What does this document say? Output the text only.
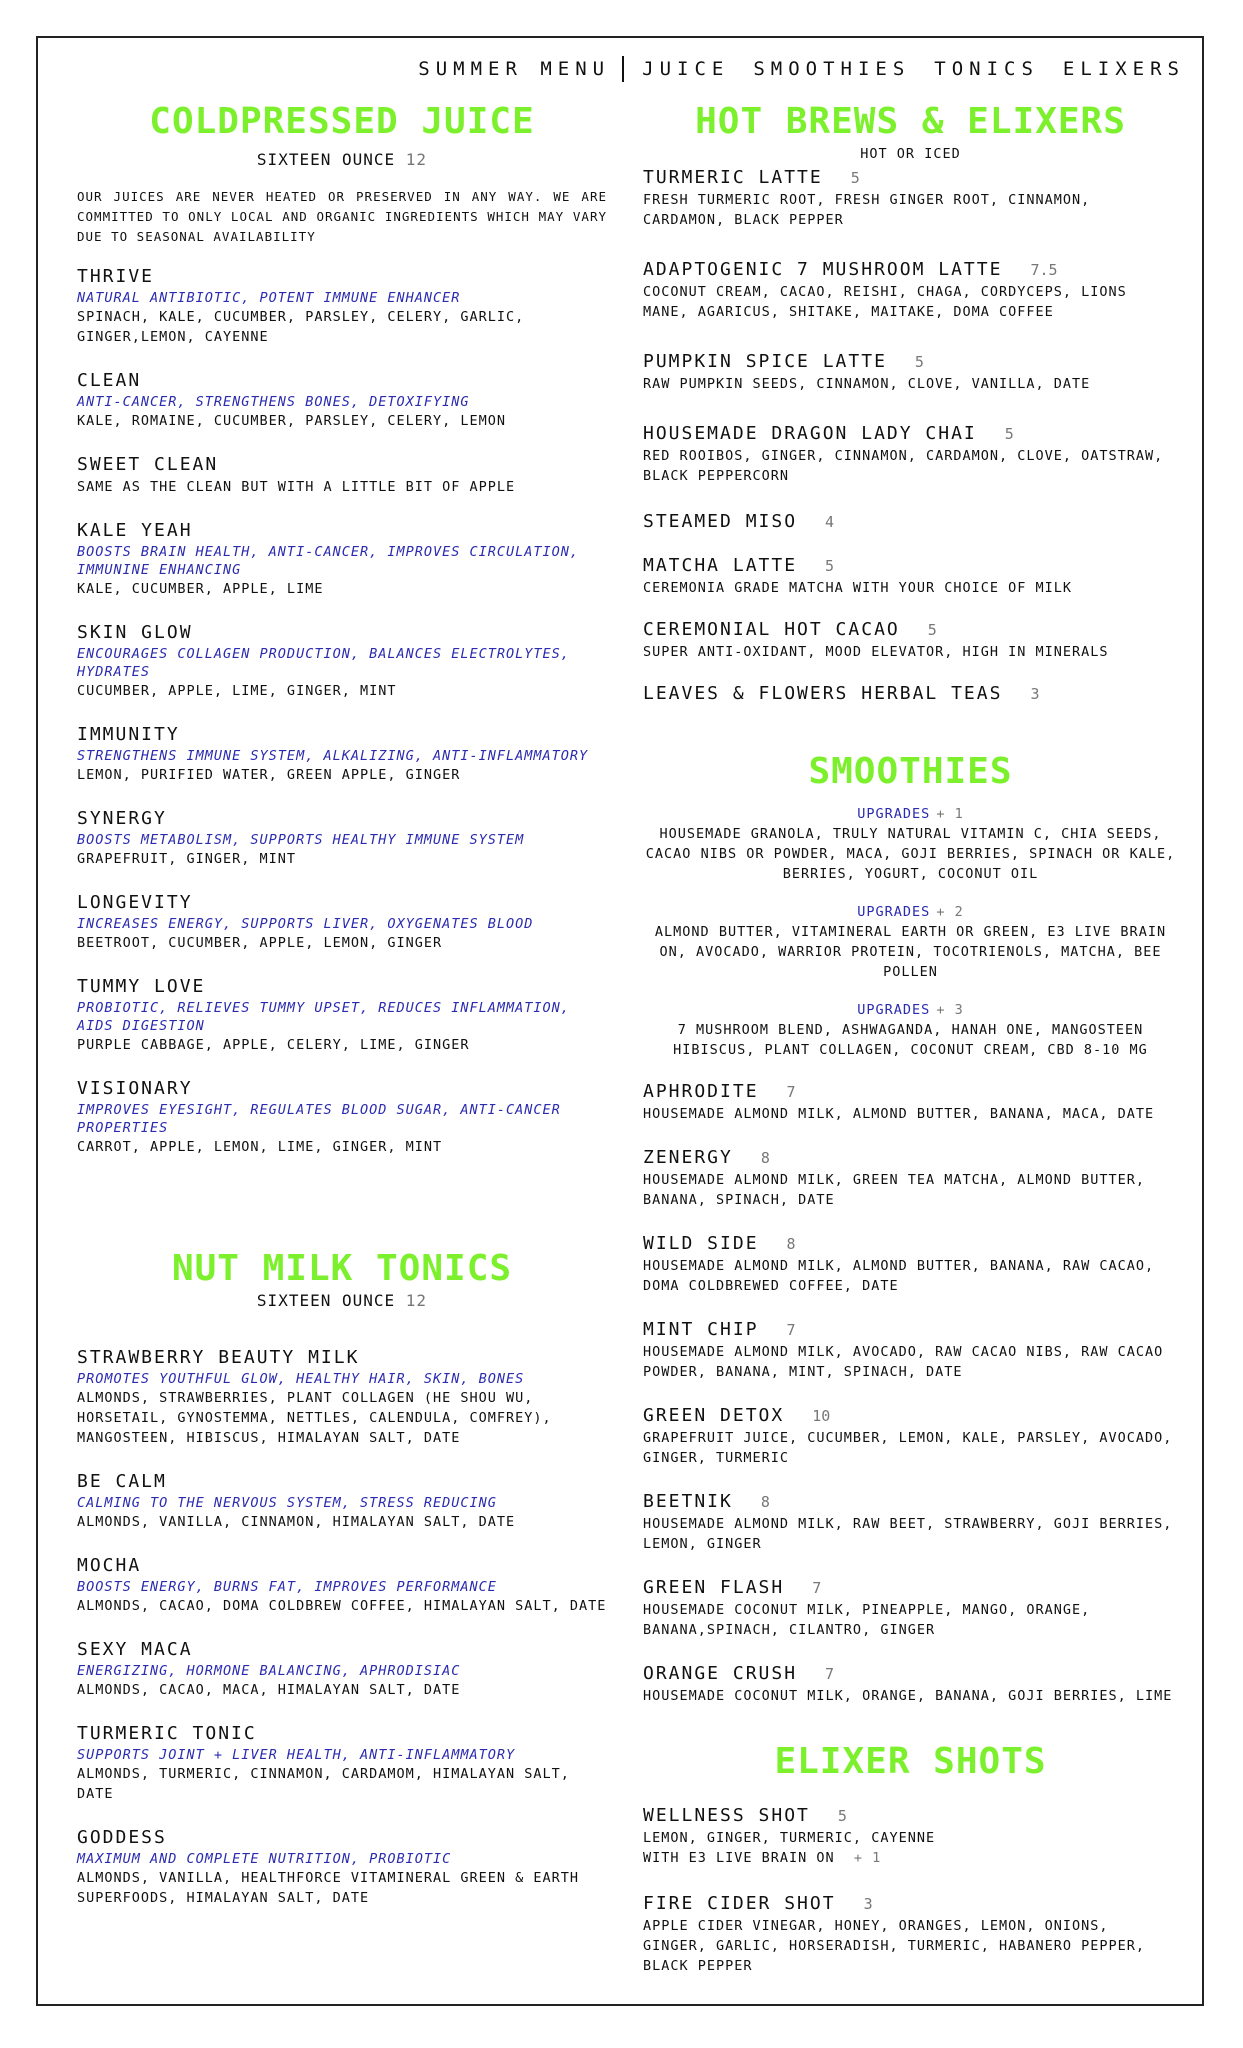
SUMMER MENU JUICE SMOOTHIES TONICS ELIXERS
COLDPRESSED JUICE
SIXTEEN OUNCE 12

OUR JUICES ARE NEVER HEATED OR PRESERVED IN ANY WAY. WE ARE COMMITTED TO ONLY LOCAL AND ORGANIC INGREDIENTS WHICH MAY VARY DUE TO SEASONAL AVAILABILITY

THRIVE
NATURAL ANTIBIOTIC, POTENT IMMUNE ENHANCER
SPINACH, KALE, CUCUMBER, PARSLEY, CELERY, GARLIC, GINGER,LEMON, CAYENNE
CLEAN
ANTI-CANCER, STRENGTHENS BONES, DETOXIFYING
KALE, ROMAINE, CUCUMBER, PARSLEY, CELERY, LEMON
SWEET CLEAN
SAME AS THE CLEAN BUT WITH A LITTLE BIT OF APPLE
KALE YEAH
BOOSTS BRAIN HEALTH, ANTI-CANCER, IMPROVES CIRCULATION, IMMUNINE ENHANCING
KALE, CUCUMBER, APPLE, LIME
SKIN GLOW
ENCOURAGES COLLAGEN PRODUCTION, BALANCES ELECTROLYTES, HYDRATES
CUCUMBER, APPLE, LIME, GINGER, MINT
IMMUNITY
STRENGTHENS IMMUNE SYSTEM, ALKALIZING, ANTI-INFLAMMATORY
LEMON, PURIFIED WATER, GREEN APPLE, GINGER
SYNERGY
BOOSTS METABOLISM, SUPPORTS HEALTHY IMMUNE SYSTEM
GRAPEFRUIT, GINGER, MINT
LONGEVITY
INCREASES ENERGY, SUPPORTS LIVER, OXYGENATES BLOOD
BEETROOT, CUCUMBER, APPLE, LEMON, GINGER
TUMMY LOVE
PROBIOTIC, RELIEVES TUMMY UPSET, REDUCES INFLAMMATION, AIDS DIGESTION
PURPLE CABBAGE, APPLE, CELERY, LIME, GINGER
VISIONARY
IMPROVES EYESIGHT, REGULATES BLOOD SUGAR, ANTI-CANCER PROPERTIES
CARROT, APPLE, LEMON, LIME, GINGER, MINT
NUT MILK TONICS
SIXTEEN OUNCE 12
STRAWBERRY BEAUTY MILK
PROMOTES YOUTHFUL GLOW, HEALTHY HAIR, SKIN, BONES
ALMONDS, STRAWBERRIES, PLANT COLLAGEN (HE SHOU WU, HORSETAIL, GYNOSTEMMA, NETTLES, CALENDULA, COMFREY), MANGOSTEEN, HIBISCUS, HIMALAYAN SALT, DATE
BE CALM
CALMING TO THE NERVOUS SYSTEM, STRESS REDUCING
ALMONDS, VANILLA, CINNAMON, HIMALAYAN SALT, DATE
MOCHA
BOOSTS ENERGY, BURNS FAT, IMPROVES PERFORMANCE
ALMONDS, CACAO, DOMA COLDBREW COFFEE, HIMALAYAN SALT, DATE
SEXY MACA
ENERGIZING, HORMONE BALANCING, APHRODISIAC
ALMONDS, CACAO, MACA, HIMALAYAN SALT, DATE
TURMERIC TONIC
SUPPORTS JOINT + LIVER HEALTH, ANTI-INFLAMMATORY
ALMONDS, TURMERIC, CINNAMON, CARDAMOM, HIMALAYAN SALT, DATE
GODDESS
MAXIMUM AND COMPLETE NUTRITION, PROBIOTIC
ALMONDS, VANILLA, HEALTHFORCE VITAMINERAL GREEN & EARTH SUPERFOODS, HIMALAYAN SALT, DATE
HOT BREWS & ELIXERS
HOT OR ICED
TURMERIC LATTE 5
FRESH TURMERIC ROOT, FRESH GINGER ROOT, CINNAMON, CARDAMON, BLACK PEPPER
ADAPTOGENIC 7 MUSHROOM LATTE 7.5
COCONUT CREAM, CACAO, REISHI, CHAGA, CORDYCEPS, LIONS MANE, AGARICUS, SHITAKE, MAITAKE, DOMA COFFEE
PUMPKIN SPICE LATTE 5
RAW PUMPKIN SEEDS, CINNAMON, CLOVE, VANILLA, DATE
HOUSEMADE DRAGON LADY CHAI 5
RED ROOIBOS, GINGER, CINNAMON, CARDAMON, CLOVE, OATSTRAW, BLACK PEPPERCORN
STEAMED MISO 4
MATCHA LATTE 5
CEREMONIA GRADE MATCHA WITH YOUR CHOICE OF MILK
CEREMONIAL HOT CACAO 5
SUPER ANTI-OXIDANT, MOOD ELEVATOR, HIGH IN MINERALS
LEAVES & FLOWERS HERBAL TEAS 3
SMOOTHIES
UPGRADES + 1
HOUSEMADE GRANOLA, TRULY NATURAL VITAMIN C, CHIA SEEDS, CACAO NIBS OR POWDER, MACA, GOJI BERRIES, SPINACH OR KALE, BERRIES, YOGURT, COCONUT OIL
UPGRADES + 2
ALMOND BUTTER, VITAMINERAL EARTH OR GREEN, E3 LIVE BRAIN ON, AVOCADO, WARRIOR PROTEIN, TOCOTRIENOLS, MATCHA, BEE POLLEN
UPGRADES + 3
7 MUSHROOM BLEND, ASHWAGANDA, HANAH ONE, MANGOSTEEN HIBISCUS, PLANT COLLAGEN, COCONUT CREAM, CBD 8-10 MG
APHRODITE 7
HOUSEMADE ALMOND MILK, ALMOND BUTTER, BANANA, MACA, DATE
ZENERGY 8
HOUSEMADE ALMOND MILK, GREEN TEA MATCHA, ALMOND BUTTER, BANANA, SPINACH, DATE
WILD SIDE 8
HOUSEMADE ALMOND MILK, ALMOND BUTTER, BANANA, RAW CACAO, DOMA COLDBREWED COFFEE, DATE
MINT CHIP 7
HOUSEMADE ALMOND MILK, AVOCADO, RAW CACAO NIBS, RAW CACAO POWDER, BANANA, MINT, SPINACH, DATE
GREEN DETOX 10
GRAPEFRUIT JUICE, CUCUMBER, LEMON, KALE, PARSLEY, AVOCADO, GINGER, TURMERIC
BEETNIK 8
HOUSEMADE ALMOND MILK, RAW BEET, STRAWBERRY, GOJI BERRIES, LEMON, GINGER
GREEN FLASH 7
HOUSEMADE COCONUT MILK, PINEAPPLE, MANGO, ORANGE, BANANA,SPINACH, CILANTRO, GINGER
ORANGE CRUSH 7
HOUSEMADE COCONUT MILK, ORANGE, BANANA, GOJI BERRIES, LIME
ELIXER SHOTS
WELLNESS SHOT 5
LEMON, GINGER, TURMERIC, CAYENNE
WITH E3 LIVE BRAIN ON + 1
FIRE CIDER SHOT 3
APPLE CIDER VINEGAR, HONEY, ORANGES, LEMON, ONIONS, GINGER, GARLIC, HORSERADISH, TURMERIC, HABANERO PEPPER, BLACK PEPPER
